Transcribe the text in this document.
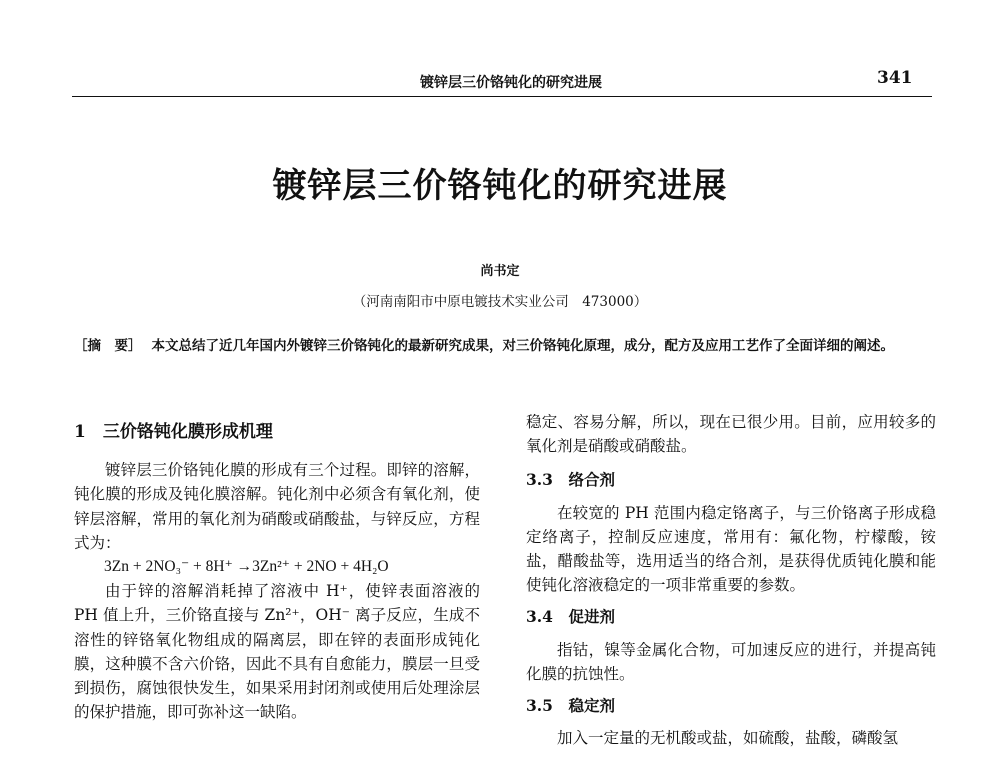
镀锌层三价铬钝化的研究进展	341
镀锌层三价铬钝化的研究进展
尚书定
（河南南阳市中原电镀技术实业公司　473000）
［摘　要］ 本文总结了近几年国内外镀锌三价铬钝化的最新研究成果，对三价铬钝化原理，成分，配方及应用工艺作了全面详细的阐述。
1　三价铬钝化膜形成机理

镀锌层三价铬钝化膜的形成有三个过程。即锌的溶解，钝化膜的形成及钝化膜溶解。钝化剂中必须含有氧化剂，使锌层溶解，常用的氧化剂为硝酸或硝酸盐，与锌反应，方程式为：

3Zn + 2NO₃⁻ + 8H⁺ →3Zn²⁺ + 2NO + 4H₂O

由于锌的溶解消耗掉了溶液中 H⁺，使锌表面溶液的 PH 值上升，三价铬直接与 Zn²⁺，OH⁻ 离子反应，生成不溶性的锌铬氧化物组成的隔离层，即在锌的表面形成钝化膜，这种膜不含六价铬，因此不具有自愈能力，膜层一旦受到损伤，腐蚀很快发生，如果采用封闭剂或使用后处理涂层的保护措施，即可弥补这一缺陷。

稳定、容易分解，所以，现在已很少用。目前，应用较多的氧化剂是硝酸或硝酸盐。

3.3　络合剂

在较宽的 PH 范围内稳定铬离子，与三价铬离子形成稳定络离子，控制反应速度，常用有：氟化物，柠檬酸，铵盐，醋酸盐等，选用适当的络合剂，是获得优质钝化膜和能使钝化溶液稳定的一项非常重要的参数。

3.4　促进剂

指钴，镍等金属化合物，可加速反应的进行，并提高钝化膜的抗蚀性。

3.5　稳定剂

加入一定量的无机酸或盐，如硫酸，盐酸，磷酸氢
